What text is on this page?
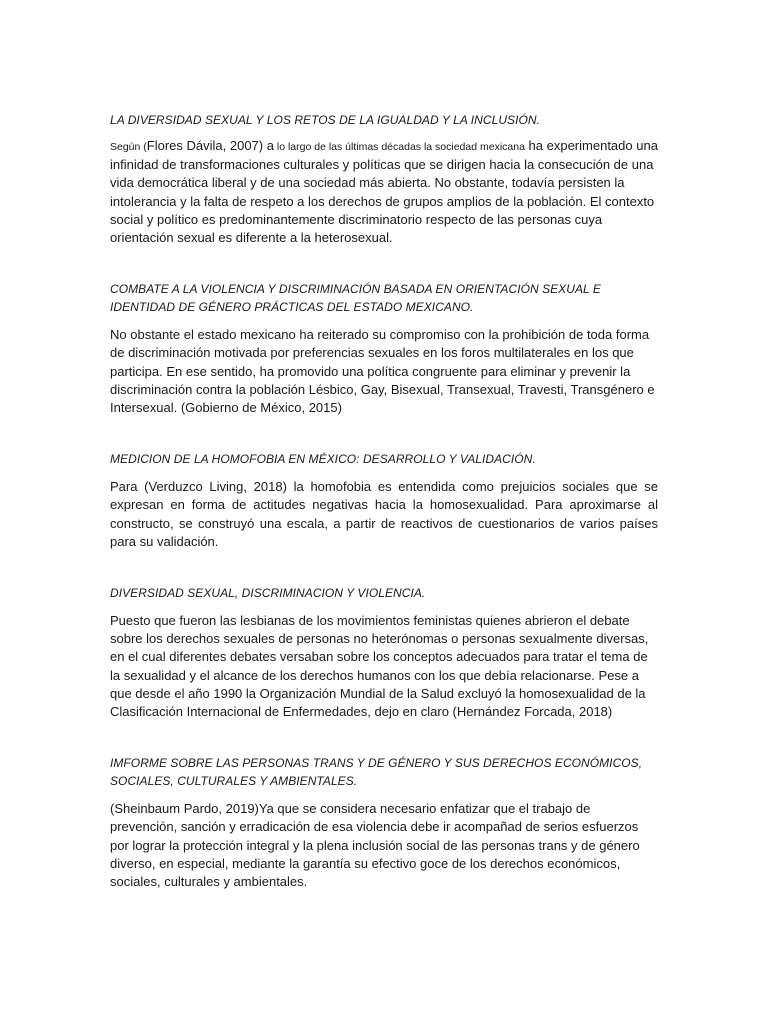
LA DIVERSIDAD SEXUAL Y LOS RETOS DE LA IGUALDAD Y LA INCLUSIÓN.

Según (Flores Dávila, 2007) a lo largo de las últimas décadas la sociedad mexicana ha experimentado una infinidad de transformaciones culturales y políticas que se dirigen hacia la consecución de una vida democrática liberal y de una sociedad más abierta. No obstante, todavía persisten la intolerancia y la falta de respeto a los derechos de grupos amplios de la población. El contexto social y político es predominantemente discriminatorio respecto de las personas cuya orientación sexual es diferente a la heterosexual.

COMBATE A LA VIOLENCIA Y DISCRIMINACIÓN BASADA EN ORIENTACIÓN SEXUAL E IDENTIDAD DE GÉNERO PRÁCTICAS DEL ESTADO MEXICANO.

No obstante el estado mexicano ha reiterado su compromiso con la prohibición de toda forma de discriminación motivada por preferencias sexuales en los foros multilaterales en los que participa. En ese sentido, ha promovido una política congruente para eliminar y prevenir la discriminación contra la población Lésbico, Gay, Bisexual, Transexual, Travesti, Transgénero e Intersexual. (Gobierno de México, 2015)

MEDICION DE LA HOMOFOBIA EN MÉXICO: DESARROLLO Y VALIDACIÓN.

Para (Verduzco Living, 2018) la homofobia es entendida como prejuicios sociales que se expresan en forma de actitudes negativas hacia la homosexualidad. Para aproximarse al constructo, se construyó una escala, a partir de reactivos de cuestionarios de varios países para su validación.

DIVERSIDAD SEXUAL, DISCRIMINACION Y VIOLENCIA.

Puesto que fueron las lesbianas de los movimientos feministas quienes abrieron el debate sobre los derechos sexuales de personas no heterónomas o personas sexualmente diversas, en el cual diferentes debates versaban sobre los conceptos adecuados para tratar el tema de la sexualidad y el alcance de los derechos humanos con los que debía relacionarse. Pese a que desde el año 1990 la Organización Mundial de la Salud excluyó la homosexualidad de la Clasificación Internacional de Enfermedades, dejo en claro (Hernández Forcada, 2018)

IMFORME SOBRE LAS PERSONAS TRANS Y DE GÉNERO Y SUS DERECHOS ECONÓMICOS, SOCIALES, CULTURALES Y AMBIENTALES.

(Sheinbaum Pardo, 2019)Ya que se considera necesario enfatizar que el trabajo de prevención, sanción y erradicación de esa violencia debe ir acompañad de serios esfuerzos por lograr la protección integral y la plena inclusión social de las personas trans y de género diverso, en especial, mediante la garantía su efectivo goce de los derechos económicos, sociales, culturales y ambientales.
